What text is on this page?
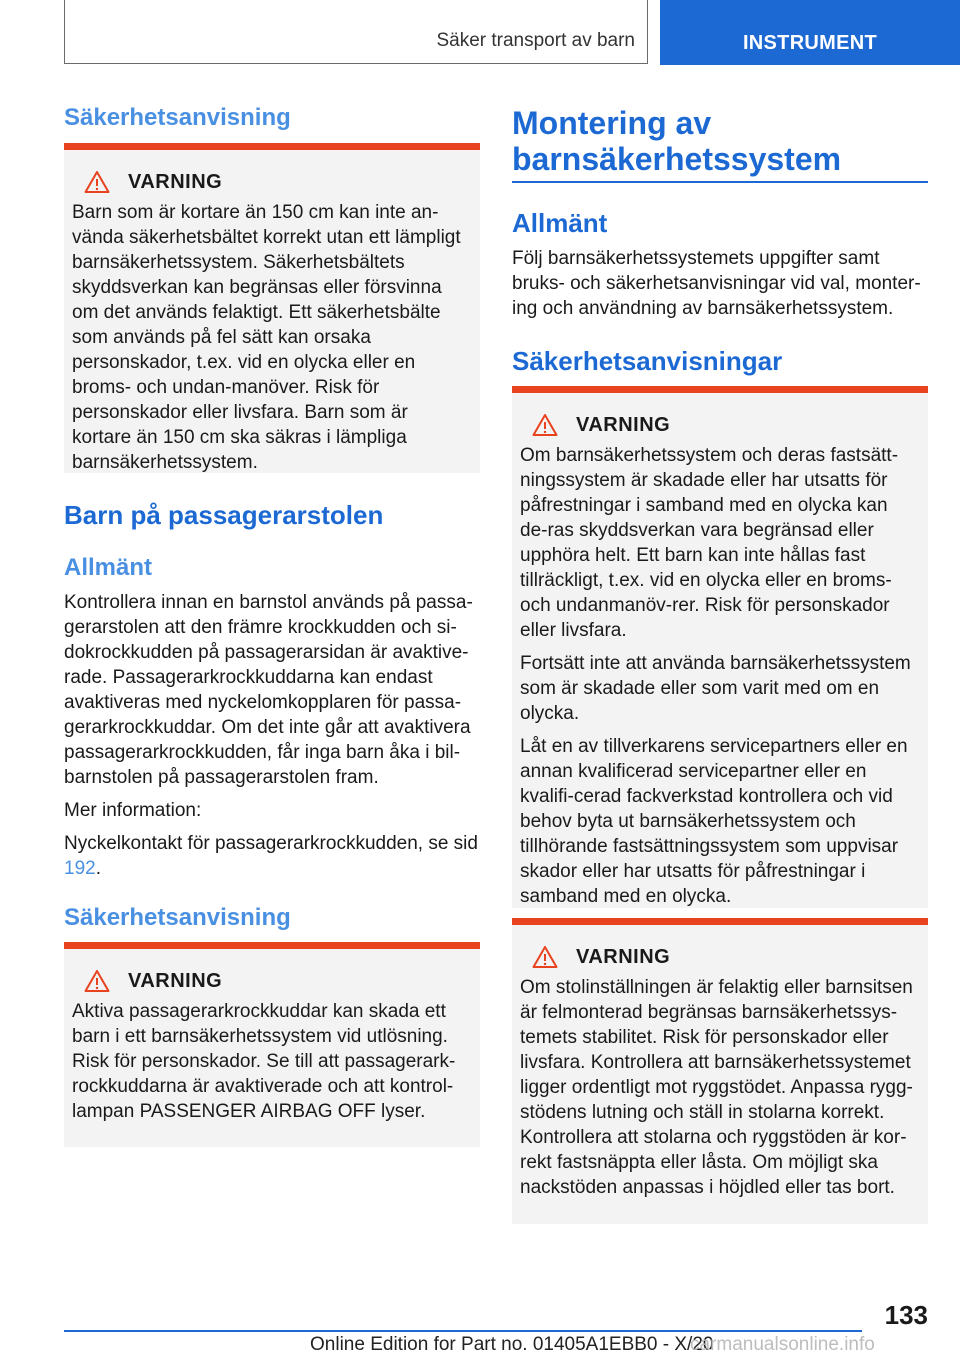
Säker transport av barn	INSTRUMENT
Säkerhetsanvisning
VARNING

Barn som är kortare än 150 cm kan inte an-vända säkerhetsbältet korrekt utan ett lämpligt barnsäkerhetssystem. Säkerhetsbältets skyddsverkan kan begränsas eller försvinna om det används felaktigt. Ett säkerhetsbälte som används på fel sätt kan orsaka personskador, t.ex. vid en olycka eller en broms- och undan-manöver. Risk för personskador eller livsfara. Barn som är kortare än 150 cm ska säkras i lämpliga barnsäkerhetssystem.

Barn på passagerarstolen
Allmänt

Kontrollera innan en barnstol används på passa-gerarstolen att den främre krockkudden och si-dokrockkudden på passagerarsidan är avaktive-rade. Passagerarkrockkuddarna kan endast avaktiveras med nyckelomkopplaren för passa-gerarkrockkuddar. Om det inte går att avaktivera passagerarkrockkudden, får inga barn åka i bil-barnstolen på passagerarstolen fram.

Mer information:

Nyckelkontakt för passagerarkrockkudden, se sid 192.

Säkerhetsanvisning
VARNING

Aktiva passagerarkrockkuddar kan skada ett barn i ett barnsäkerhetssystem vid utlösning. Risk för personskador. Se till att passagerark-rockkuddarna är avaktiverade och att kontrol-lampan PASSENGER AIRBAG OFF lyser.

Montering av barnsäkerhetssystem
Allmänt

Följ barnsäkerhetssystemets uppgifter samt bruks- och säkerhetsanvisningar vid val, monter-ing och användning av barnsäkerhetssystem.

Säkerhetsanvisningar
VARNING

Om barnsäkerhetssystem och deras fastsätt-ningssystem är skadade eller har utsatts för påfrestningar i samband med en olycka kan de-ras skyddsverkan vara begränsad eller upphöra helt. Ett barn kan inte hållas fast tillräckligt, t.ex. vid en olycka eller en broms- och undanmanöv-rer. Risk för personskador eller livsfara.

Fortsätt inte att använda barnsäkerhetssystem som är skadade eller som varit med om en olycka.

Låt en av tillverkarens servicepartners eller en annan kvalificerad servicepartner eller en kvalifi-cerad fackverkstad kontrollera och vid behov byta ut barnsäkerhetssystem och tillhörande fastsättningssystem som uppvisar skador eller har utsatts för påfrestningar i samband med en olycka.

VARNING

Om stolinställningen är felaktig eller barnsitsen är felmonterad begränsas barnsäkerhetssys-temets stabilitet. Risk för personskador eller livsfara. Kontrollera att barnsäkerhetssystemet ligger ordentligt mot ryggstödet. Anpassa rygg-stödens lutning och ställ in stolarna korrekt. Kontrollera att stolarna och ryggstöden är kor-rekt fastsnäppta eller låsta. Om möjligt ska nackstöden anpassas i höjdled eller tas bort.

133
Online Edition for Part no. 01405A1EBB0 - X/20
carmanualsonline.info
